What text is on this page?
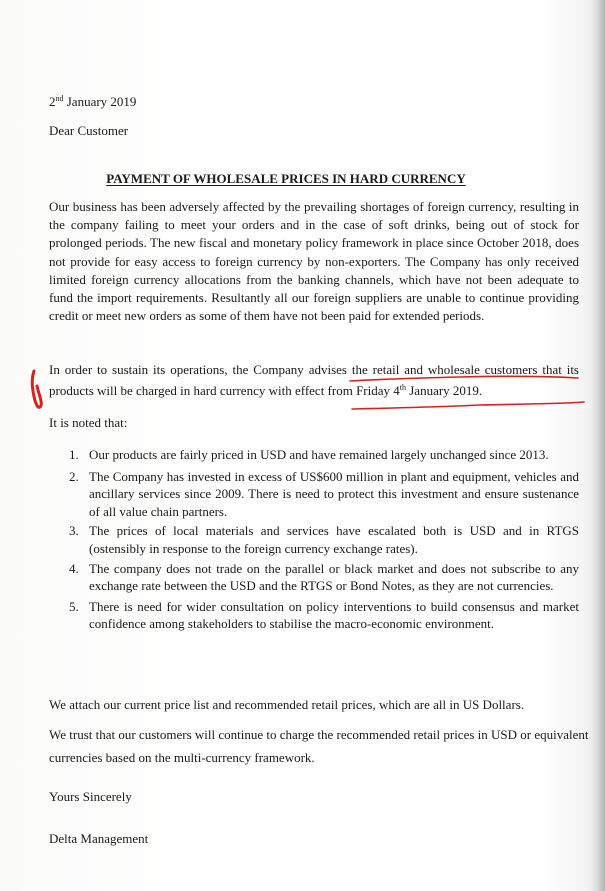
2nd January 2019
Dear Customer
PAYMENT OF WHOLESALE PRICES IN HARD CURRENCY
Our business has been adversely affected by the prevailing shortages of foreign currency, resulting in the company failing to meet your orders and in the case of soft drinks, being out of stock for prolonged periods. The new fiscal and monetary policy framework in place since October 2018, does not provide for easy access to foreign currency by non-exporters. The Company has only received limited foreign currency allocations from the banking channels, which have not been adequate to fund the import requirements. Resultantly all our foreign suppliers are unable to continue providing credit or meet new orders as some of them have not been paid for extended periods.
In order to sustain its operations, the Company advises the retail and wholesale customers that its products will be charged in hard currency with effect from Friday 4th January 2019.
It is noted that:
1. Our products are fairly priced in USD and have remained largely unchanged since 2013.
2. The Company has invested in excess of US$600 million in plant and equipment, vehicles and ancillary services since 2009. There is need to protect this investment and ensure sustenance of all value chain partners.
3. The prices of local materials and services have escalated both is USD and in RTGS (ostensibly in response to the foreign currency exchange rates).
4. The company does not trade on the parallel or black market and does not subscribe to any exchange rate between the USD and the RTGS or Bond Notes, as they are not currencies.
5. There is need for wider consultation on policy interventions to build consensus and market confidence among stakeholders to stabilise the macro-economic environment.
We attach our current price list and recommended retail prices, which are all in US Dollars.
We trust that our customers will continue to charge the recommended retail prices in USD or equivalent currencies based on the multi-currency framework.
Yours Sincerely
Delta Management
